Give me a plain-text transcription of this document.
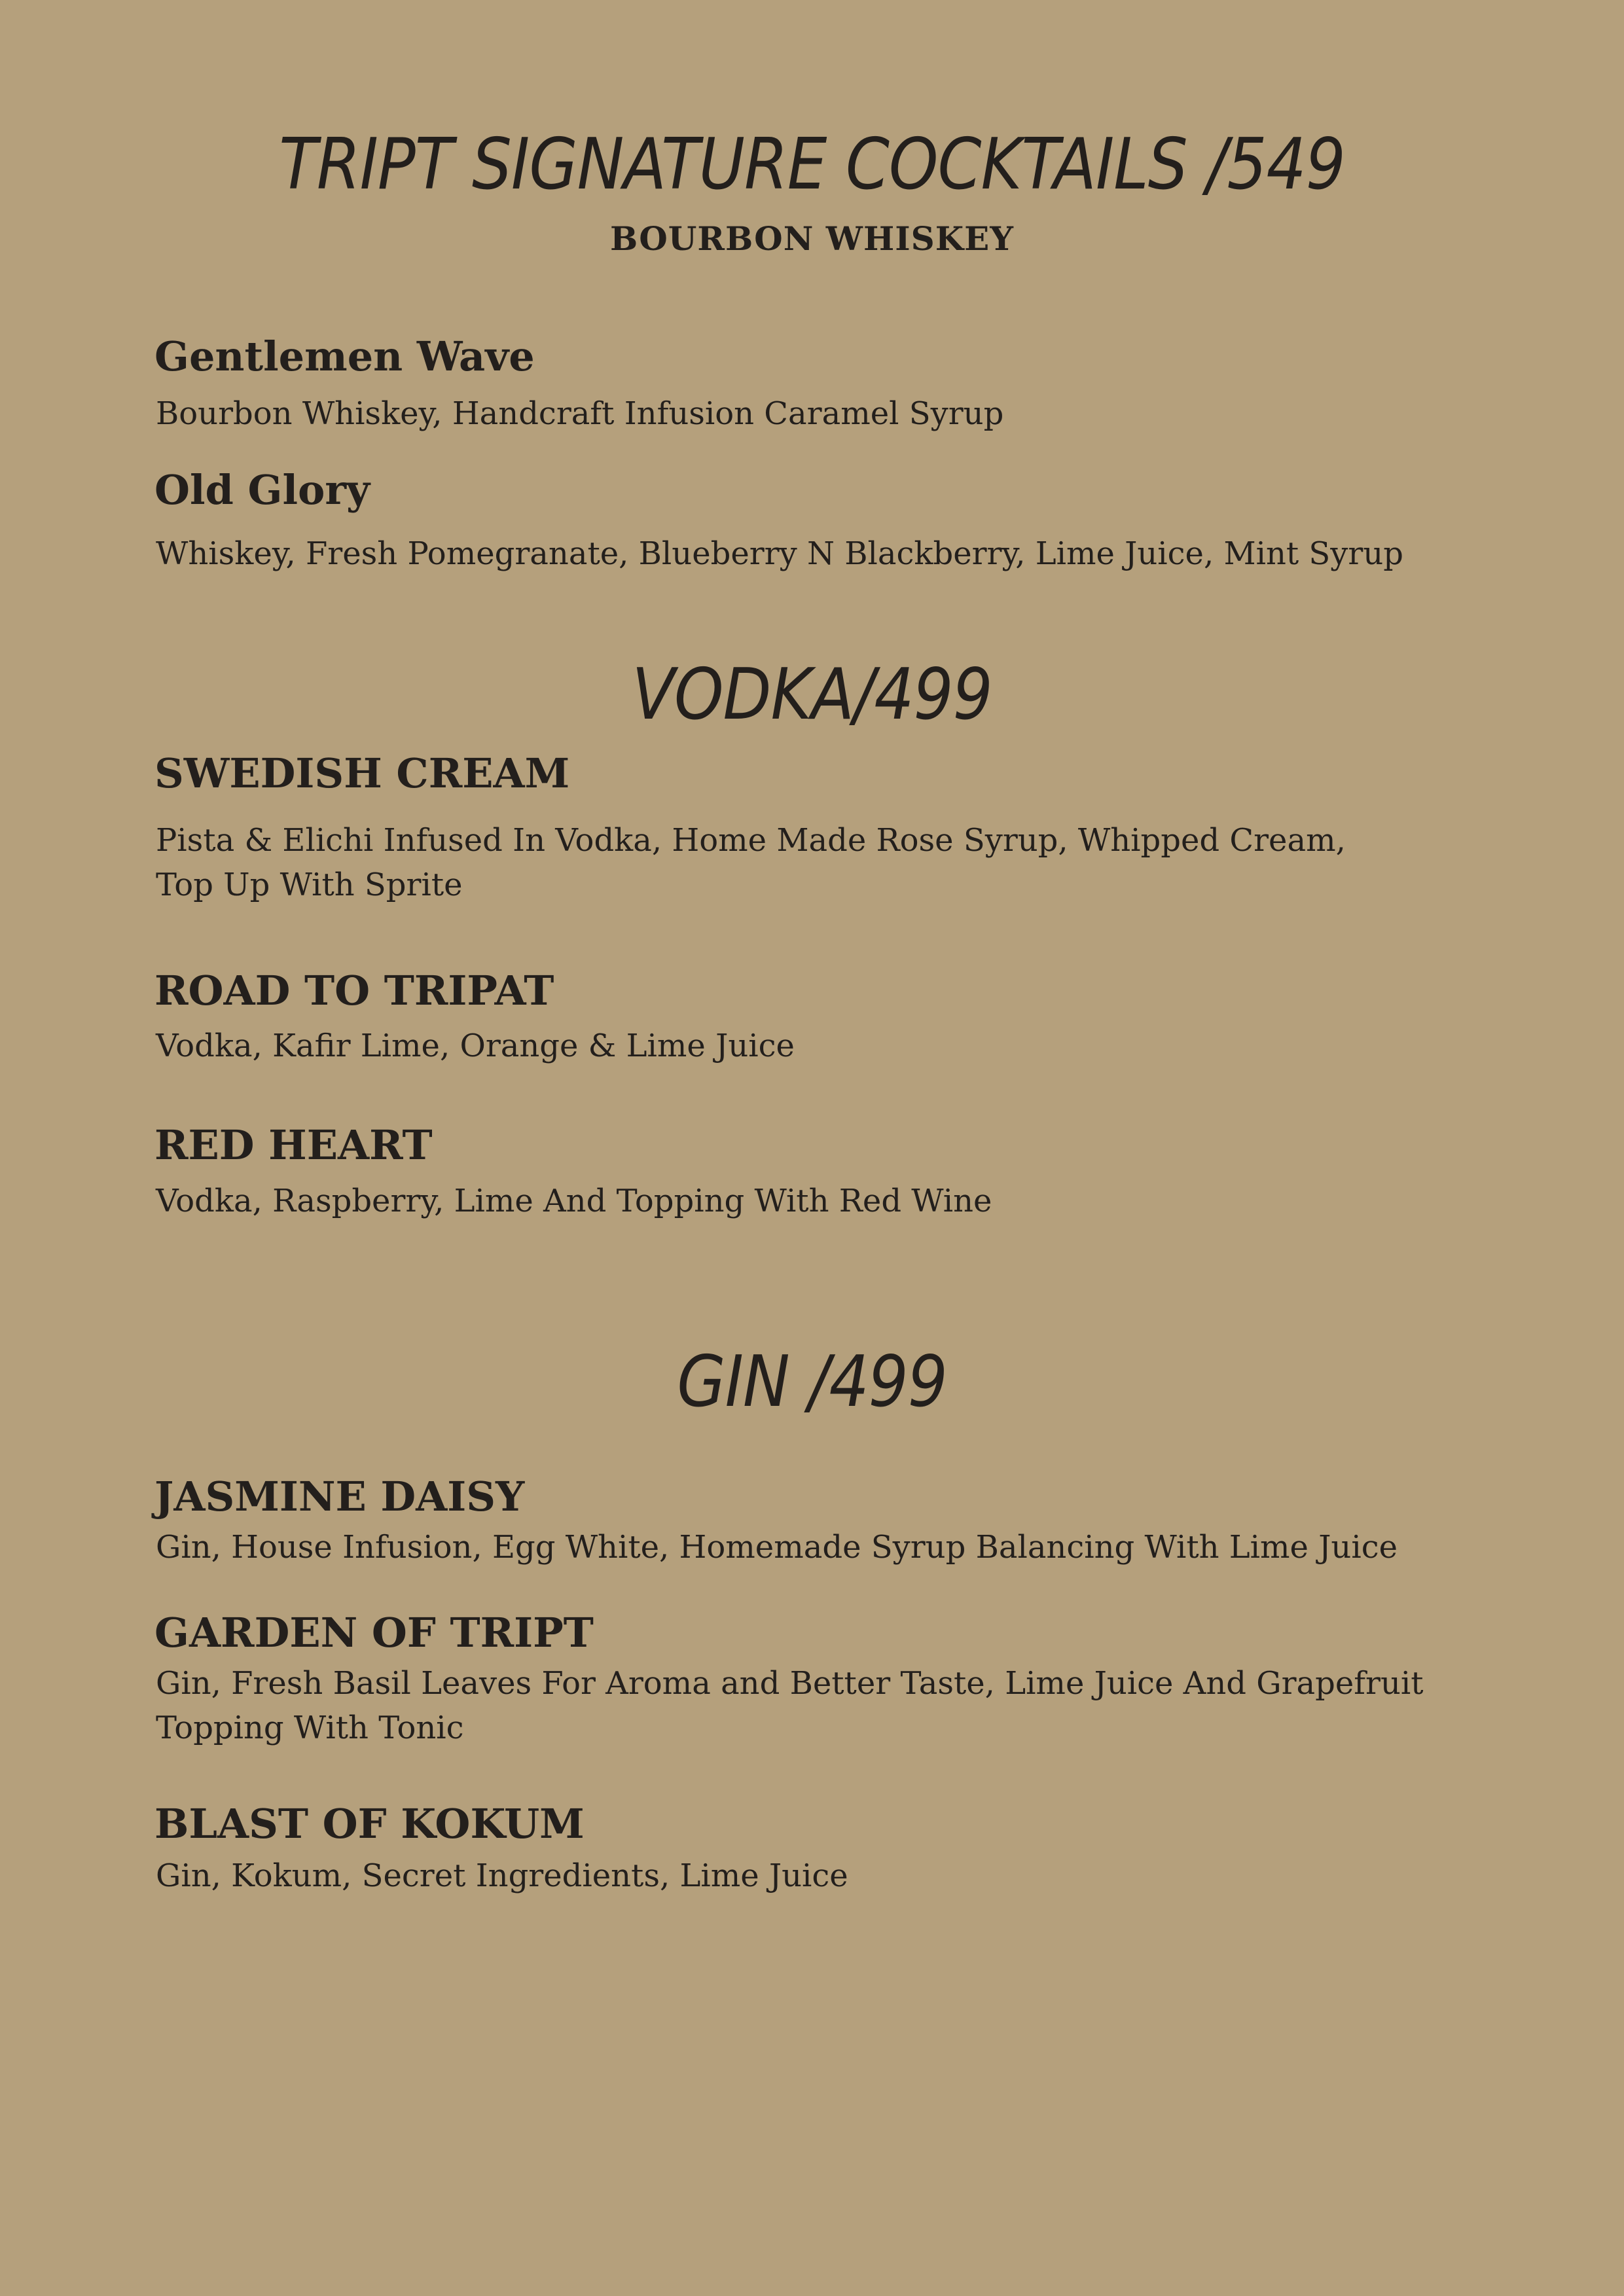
TRIPT SIGNATURE COCKTAILS /549
BOURBON WHISKEY
Gentlemen Wave
Bourbon Whiskey, Handcraft Infusion Caramel Syrup
Old Glory
Whiskey, Fresh Pomegranate, Blueberry N Blackberry, Lime Juice, Mint Syrup
VODKA/499
SWEDISH CREAM
Pista & Elichi Infused In Vodka, Home Made Rose Syrup, Whipped Cream,
Top Up With Sprite
ROAD TO TRIPAT
Vodka, Kafir Lime, Orange & Lime Juice
RED HEART
Vodka, Raspberry, Lime And Topping With Red Wine
GIN /499
JASMINE DAISY
Gin, House Infusion, Egg White, Homemade Syrup Balancing With Lime Juice
GARDEN OF TRIPT
Gin, Fresh Basil Leaves For Aroma and Better Taste, Lime Juice And Grapefruit
Topping With Tonic
BLAST OF KOKUM
Gin, Kokum, Secret Ingredients, Lime Juice
